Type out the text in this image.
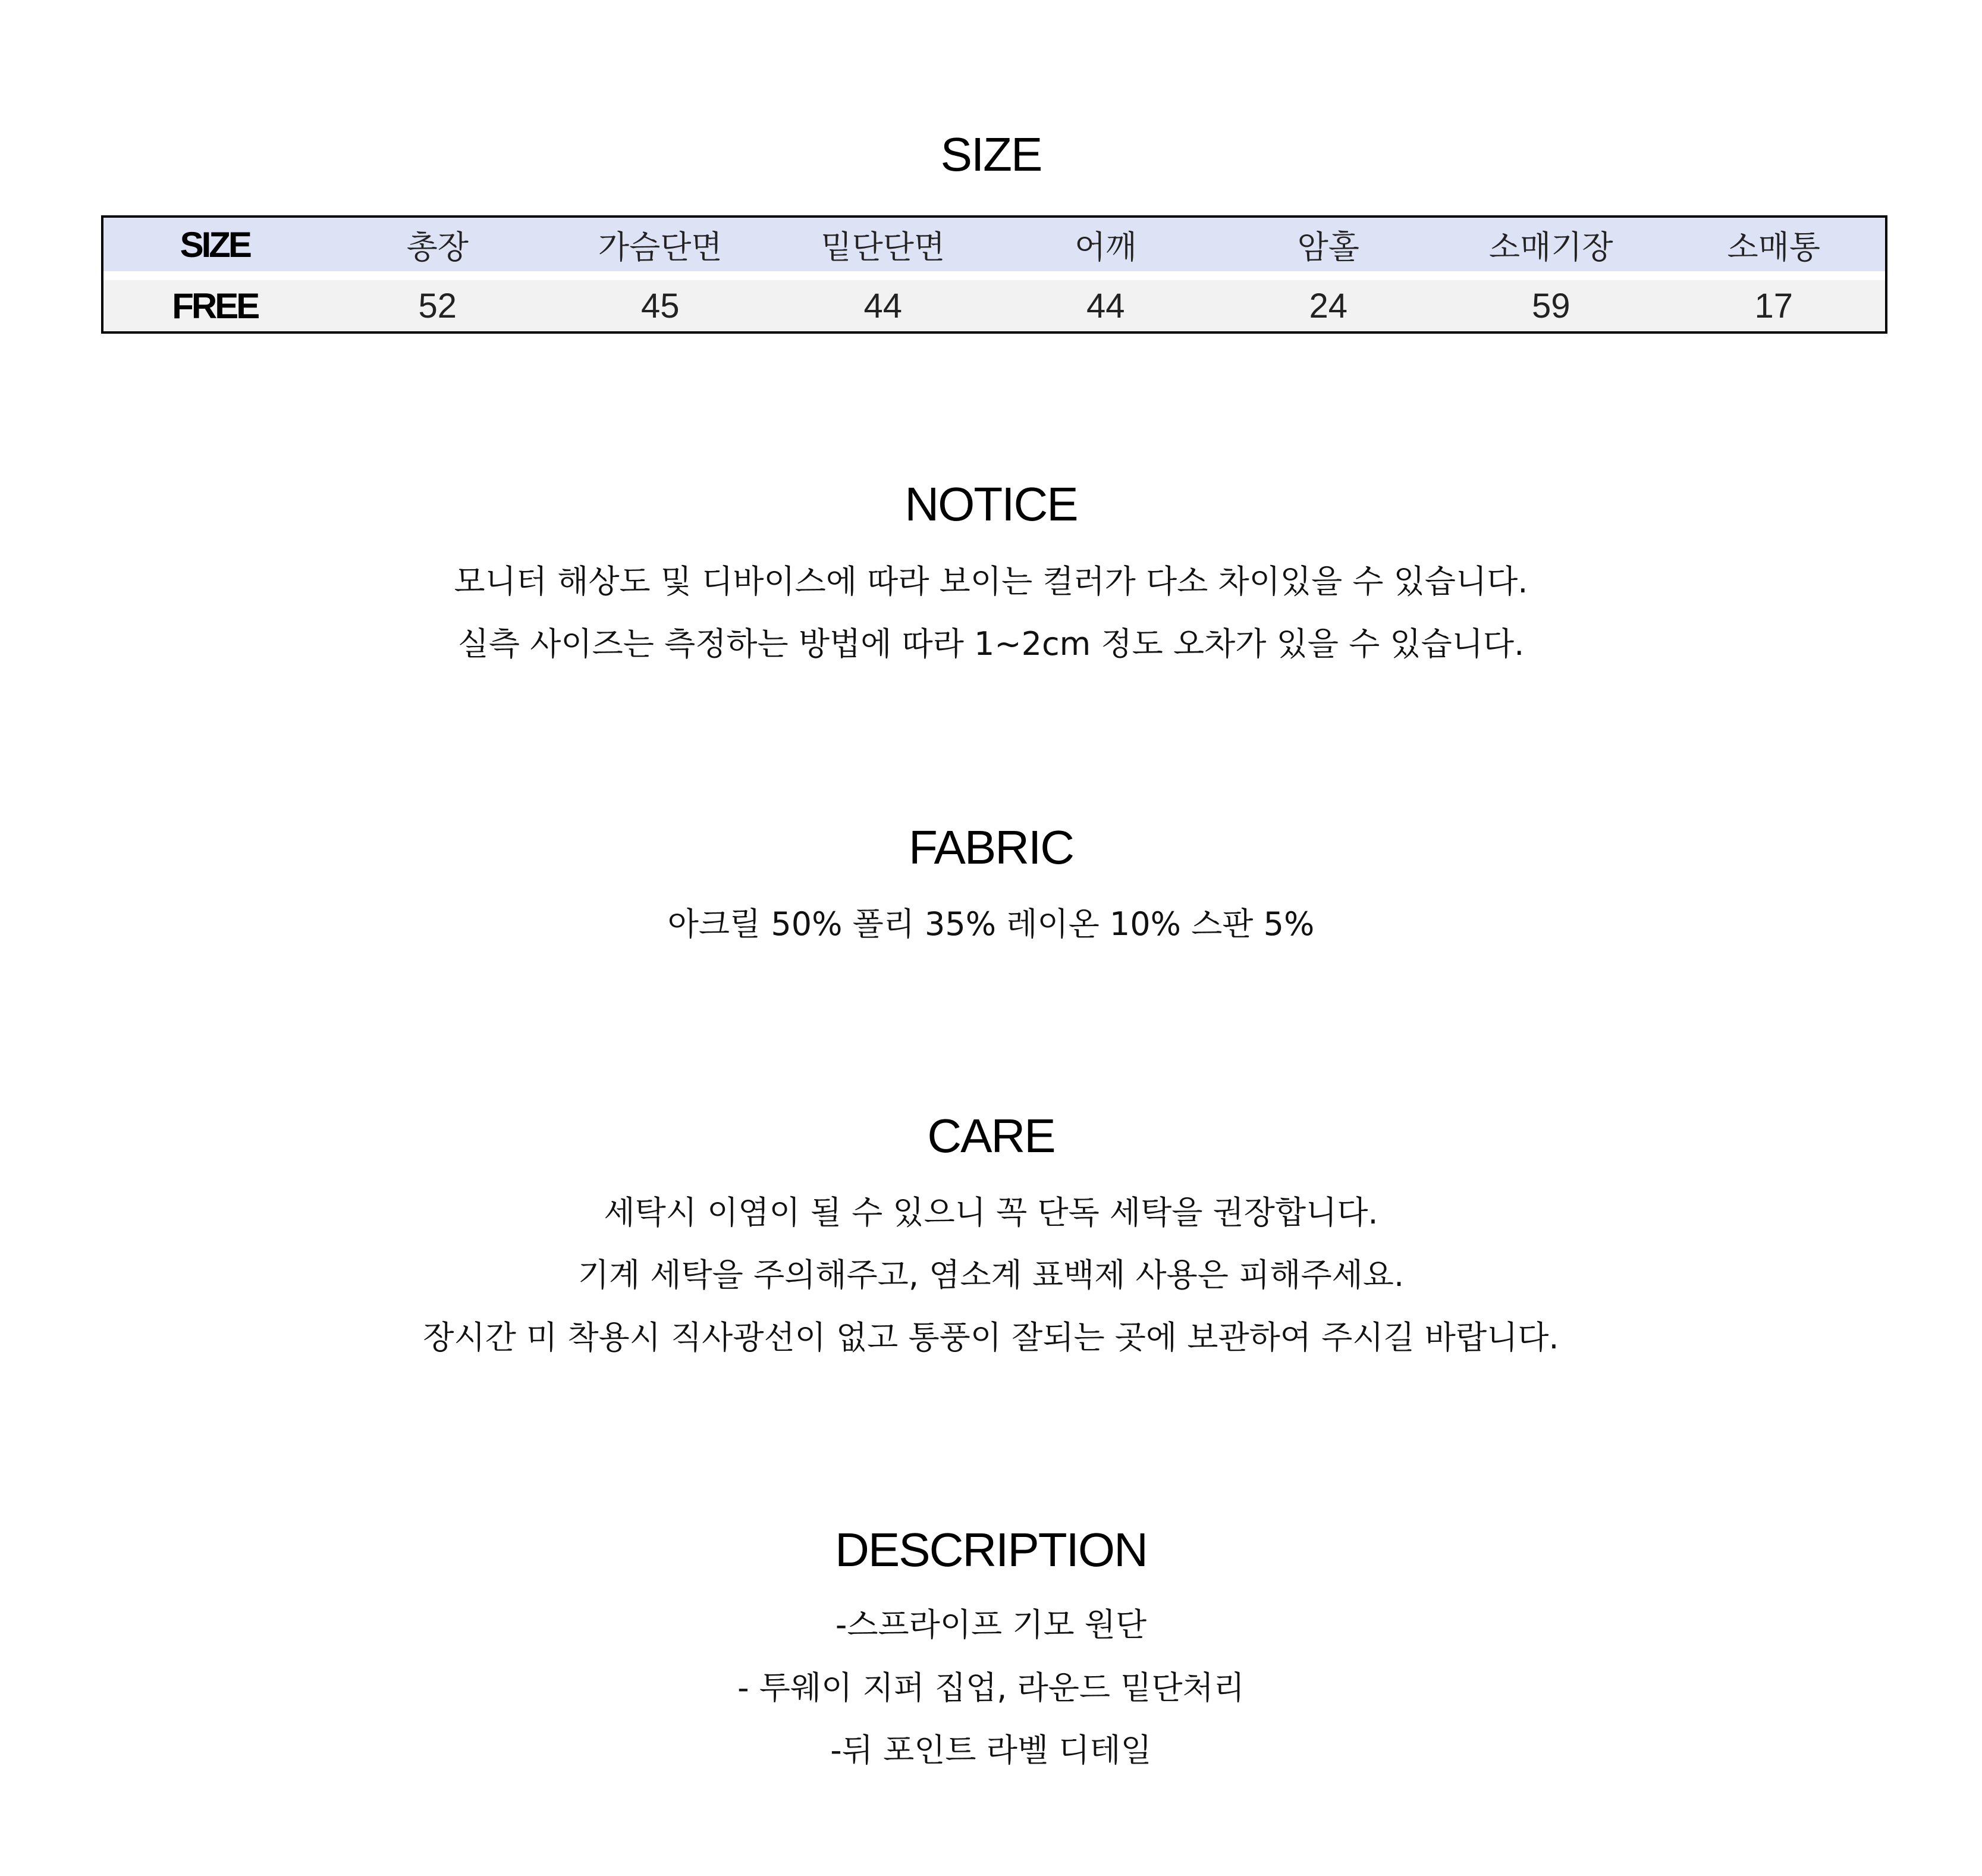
SIZE
SIZE	총장	가슴단면	밑단단면	어깨	암홀	소매기장	소매통
FREE	52	45	44	44	24	59	17
NOTICE

모니터 해상도 및 디바이스에 따라 보이는 컬러가 다소 차이있을 수 있습니다.

실측 사이즈는 측정하는 방법에 따라 1~2cm 정도 오차가 있을 수 있습니다.

FABRIC

아크릴 50% 폴리 35% 레이온 10% 스판 5%

CARE

세탁시 이염이 될 수 있으니 꼭 단독 세탁을 권장합니다.

기계 세탁을 주의해주고, 염소계 표백제 사용은 피해주세요.

장시간 미 착용시 직사광선이 없고 통풍이 잘되는 곳에 보관하여 주시길 바랍니다.

DESCRIPTION

-스프라이프 기모 원단

- 투웨이 지퍼 집업, 라운드 밑단처리

-뒤 포인트 라벨 디테일
